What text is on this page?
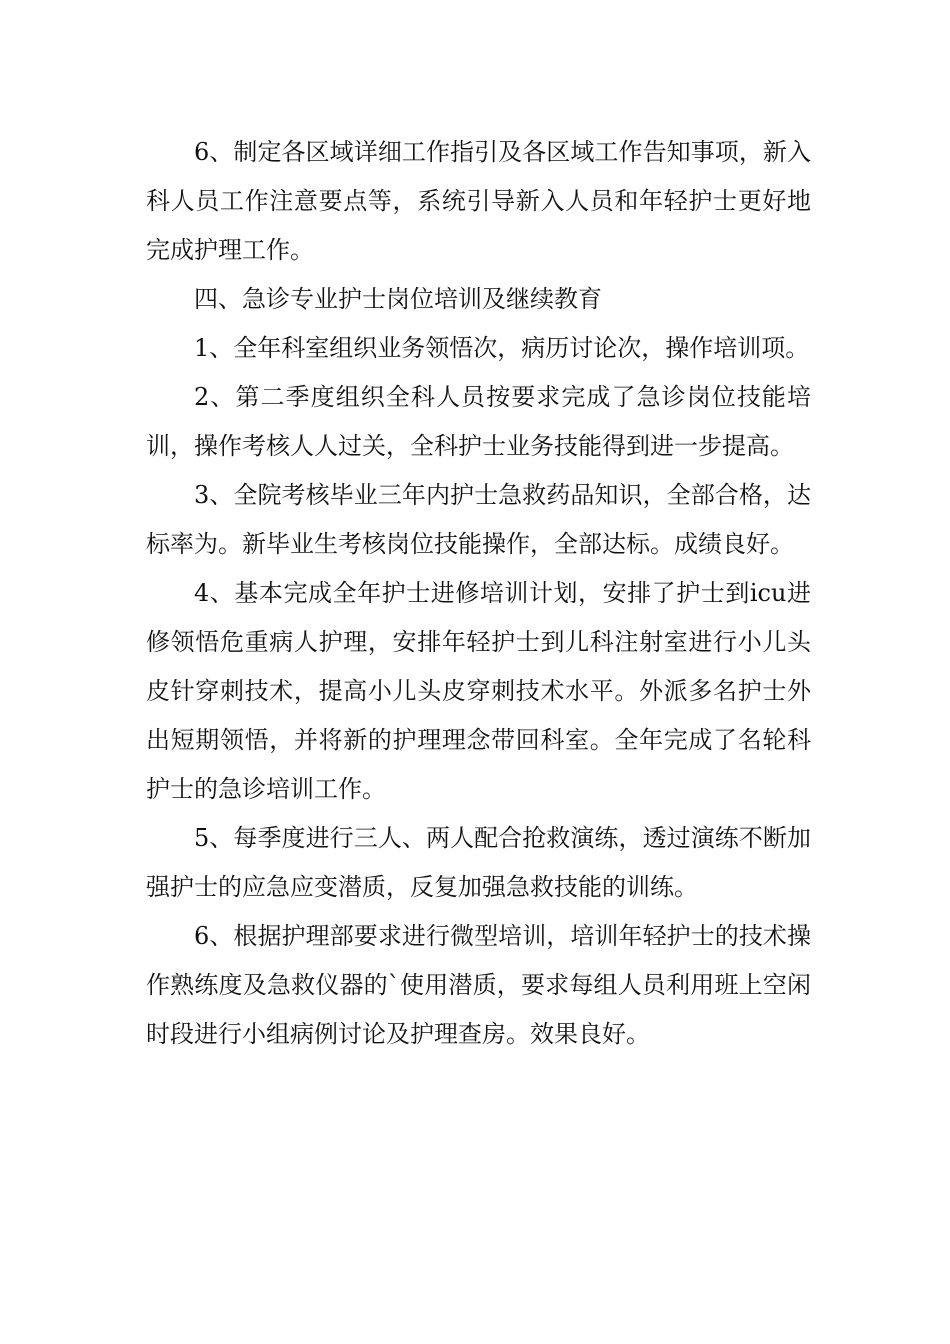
6、制定各区域详细工作指引及各区域工作告知事项，新入科人员工作注意要点等，系统引导新入人员和年轻护士更好地完成护理工作。

四、急诊专业护士岗位培训及继续教育

1、全年科室组织业务领悟次，病历讨论次，操作培训项。

2、第二季度组织全科人员按要求完成了急诊岗位技能培训，操作考核人人过关，全科护士业务技能得到进一步提高。

3、全院考核毕业三年内护士急救药品知识，全部合格，达标率为。新毕业生考核岗位技能操作，全部达标。成绩良好。

4、基本完成全年护士进修培训计划，安排了护士到icu进修领悟危重病人护理，安排年轻护士到儿科注射室进行小儿头皮针穿刺技术，提高小儿头皮穿刺技术水平。外派多名护士外出短期领悟，并将新的护理理念带回科室。全年完成了名轮科护士的急诊培训工作。

5、每季度进行三人、两人配合抢救演练，透过演练不断加强护士的应急应变潜质，反复加强急救技能的训练。

6、根据护理部要求进行微型培训，培训年轻护士的技术操作熟练度及急救仪器的`使用潜质，要求每组人员利用班上空闲时段进行小组病例讨论及护理查房。效果良好。
